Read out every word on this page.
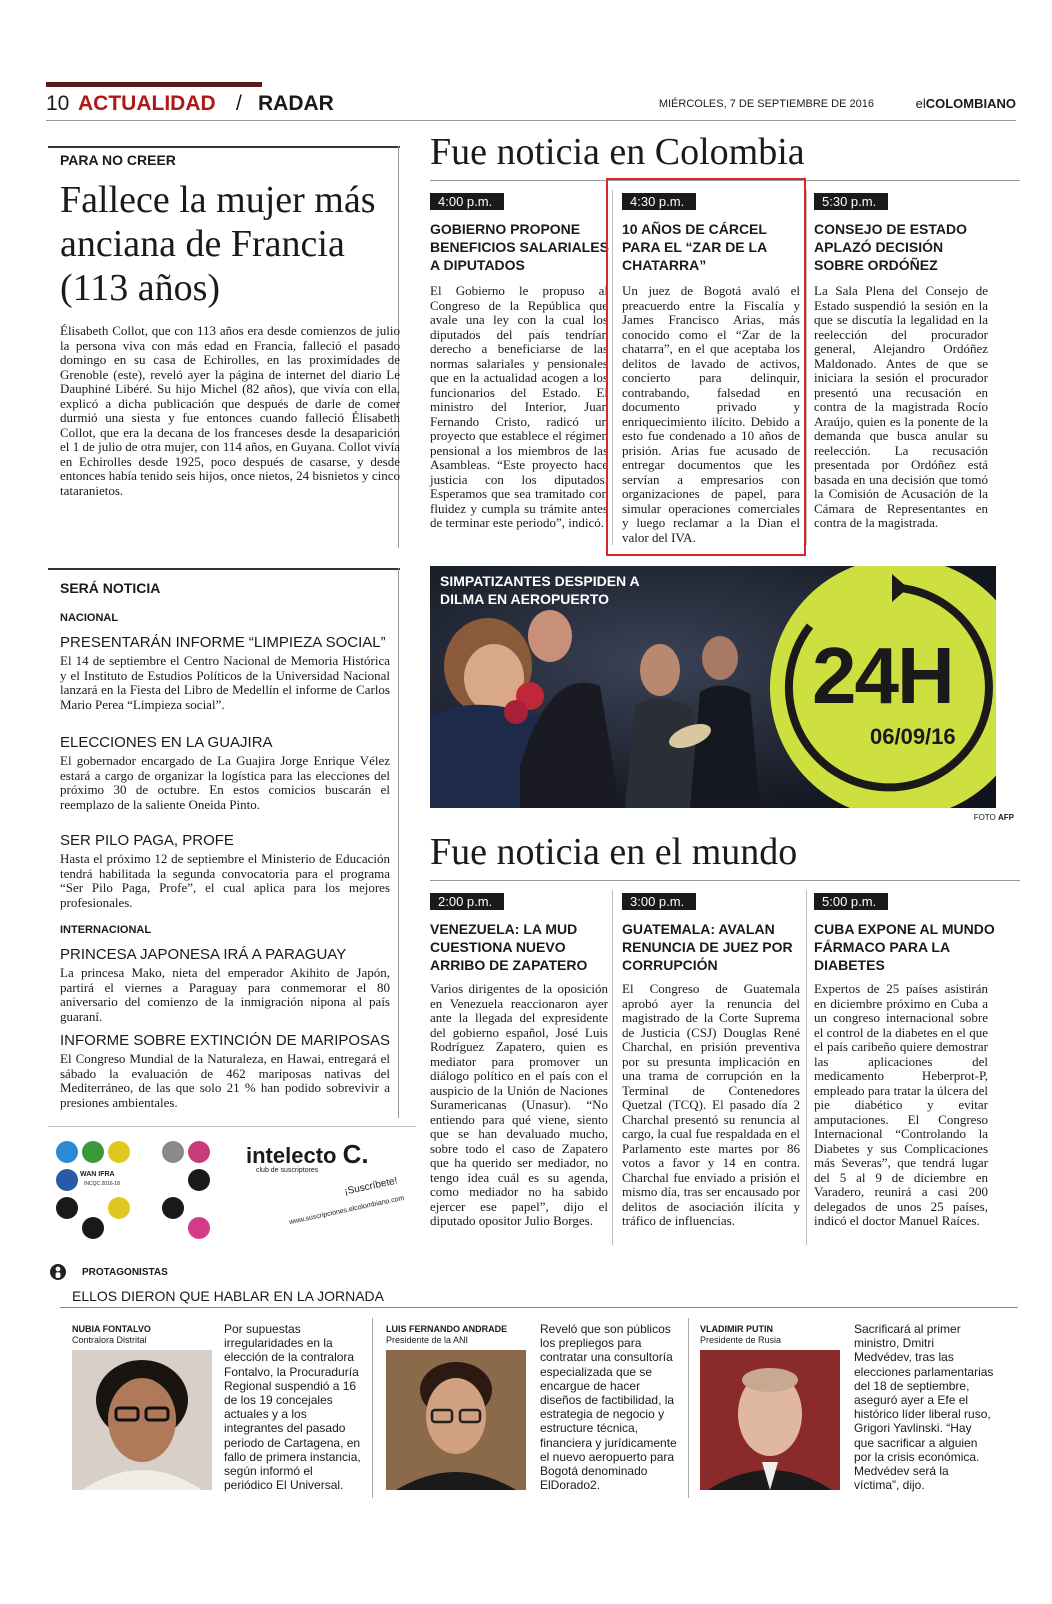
10 ACTUALIDAD / RADAR	MIÉRCOLES, 7 DE SEPTIEMBRE DE 2016	elCOLOMBIANO
PARA NO CREER
Fallece la mujer más anciana de Francia (113 años)
Élisabeth Collot, que con 113 años era desde comienzos de julio la persona viva con más edad en Francia, falleció el pasado domingo en su casa de Echirolles, en las proximidades de Grenoble (este), reveló ayer la página de internet del diario Le Dauphiné Libéré. Su hijo Michel (82 años), que vivía con ella, explicó a dicha publicación que después de darle de comer durmió una siesta y fue entonces cuando falleció Élisabeth Collot, que era la decana de los franceses desde la desaparición el 1 de julio de otra mujer, con 114 años, en Guyana. Collot vivía en Echirolles desde 1925, poco después de casarse, y desde entonces había tenido seis hijos, once nietos, 24 bisnietos y cinco tataranietos.
SERÁ NOTICIA
NACIONAL
PRESENTARÁN INFORME “LIMPIEZA SOCIAL”
El 14 de septiembre el Centro Nacional de Memoria Histórica y el Instituto de Estudios Políticos de la Universidad Nacional lanzará en la Fiesta del Libro de Medellín el informe de Carlos Mario Perea “Limpieza social”.
ELECCIONES EN LA GUAJIRA
El gobernador encargado de La Guajira Jorge Enrique Vélez estará a cargo de organizar la logística para las elecciones del próximo 30 de octubre. En estos comicios buscarán el reemplazo de la saliente Oneida Pinto.
SER PILO PAGA, PROFE
Hasta el próximo 12 de septiembre el Ministerio de Educación tendrá habilitada la segunda convocatoria para el programa “Ser Pilo Paga, Profe”, el cual aplica para los mejores profesionales.
INTERNACIONAL
PRINCESA JAPONESA IRÁ A PARAGUAY
La princesa Mako, nieta del emperador Akihito de Japón, partirá el viernes a Paraguay para conmemorar el 80 aniversario del comienzo de la inmigración nipona al país guaraní.
INFORME SOBRE EXTINCIÓN DE MARIPOSAS
El Congreso Mundial de la Naturaleza, en Hawai, entregará el sábado la evaluación de 462 mariposas nativas del Mediterráneo, de las que solo 21 % han podido sobrevivir a presiones ambientales.
WAN IFRA
INCQC 2016-18
intelecto C.
club de suscriptores
¡Suscríbete!
www.suscripciones.elcolombiano.com
Fue noticia en Colombia
4:00 p.m.
GOBIERNO PROPONE BENEFICIOS SALARIALES A DIPUTADOS
El Gobierno le propuso al Congreso de la República que avale una ley con la cual los diputados del país tendrían derecho a beneficiarse de las normas salariales y pensionales que en la actualidad acogen a los funcionarios del Estado. El ministro del Interior, Juan Fernando Cristo, radicó un proyecto que establece el régimen pensional a los miembros de las Asambleas. “Este proyecto hace justicia con los diputados. Esperamos que sea tramitado con fluidez y cumpla su trámite antes de terminar este periodo”, indicó.
4:30 p.m.
10 AÑOS DE CÁRCEL PARA EL “ZAR DE LA CHATARRA”
Un juez de Bogotá avaló el preacuerdo entre la Fiscalía y James Francisco Arias, más conocido como el “Zar de la chatarra”, en el que aceptaba los delitos de lavado de activos, concierto para delinquir, contrabando, falsedad en documento privado y enriquecimiento ilícito. Debido a esto fue condenado a 10 años de prisión. Arias fue acusado de entregar documentos que les servían a empresarios con organizaciones de papel, para simular operaciones comerciales y luego reclamar a la Dian el valor del IVA.
5:30 p.m.
CONSEJO DE ESTADO APLAZÓ DECISIÓN SOBRE ORDÓÑEZ
La Sala Plena del Consejo de Estado suspendió la sesión en la que se discutía la legalidad en la reelección del procurador general, Alejandro Ordóñez Maldonado. Antes de que se iniciara la sesión el procurador presentó una recusación en contra de la magistrada Rocío Araújo, quien es la ponente de la demanda que busca anular su reelección. La recusación presentada por Ordóñez está basada en una decisión que tomó la Comisión de Acusación de la Cámara de Representantes en contra de la magistrada.
SIMPATIZANTES DESPIDEN A DILMA EN AEROPUERTO
24H
06/09/16
FOTO AFP
Fue noticia en el mundo
2:00 p.m.
VENEZUELA: LA MUD CUESTIONA NUEVO ARRIBO DE ZAPATERO
Varios dirigentes de la oposición en Venezuela reaccionaron ayer ante la llegada del expresidente del gobierno español, José Luis Rodríguez Zapatero, quien es mediator para promover un diálogo político en el país con el auspicio de la Unión de Naciones Suramericanas (Unasur). “No entiendo para qué viene, siento que se han devaluado mucho, sobre todo el caso de Zapatero que ha querido ser mediador, no tengo idea cuál es su agenda, como mediador no ha sabido ejercer ese papel”, dijo el diputado opositor Julio Borges.
3:00 p.m.
GUATEMALA: AVALAN RENUNCIA DE JUEZ POR CORRUPCIÓN
El Congreso de Guatemala aprobó ayer la renuncia del magistrado de la Corte Suprema de Justicia (CSJ) Douglas René Charchal, en prisión preventiva por su presunta implicación en una trama de corrupción en la Terminal de Contenedores Quetzal (TCQ). El pasado día 2 Charchal presentó su renuncia al cargo, la cual fue respaldada en el Parlamento este martes por 86 votos a favor y 14 en contra. Charchal fue enviado a prisión el mismo día, tras ser encausado por delitos de asociación ilícita y tráfico de influencias.
5:00 p.m.
CUBA EXPONE AL MUNDO FÁRMACO PARA LA DIABETES
Expertos de 25 países asistirán en diciembre próximo en Cuba a un congreso internacional sobre el control de la diabetes en el que el país caribeño quiere demostrar las aplicaciones del medicamento Heberprot-P, empleado para tratar la úlcera del pie diabético y evitar amputaciones. El Congreso Internacional “Controlando la Diabetes y sus Complicaciones más Severas”, que tendrá lugar del 5 al 9 de diciembre en Varadero, reunirá a casi 200 delegados de unos 25 países, indicó el doctor Manuel Raíces.
PROTAGONISTAS
ELLOS DIERON QUE HABLAR EN LA JORNADA
NUBIA FONTALVO
Contralora Distrital
Por supuestas irregularidades en la elección de la contralora Fontalvo, la Procuraduría Regional suspendió a 16 de los 19 concejales actuales y a los integrantes del pasado periodo de Cartagena, en fallo de primera instancia, según informó el periódico El Universal.
LUIS FERNANDO ANDRADE
Presidente de la ANI
Reveló que son públicos los prepliegos para contratar una consultoría especializada que se encargue de hacer diseños de factibilidad, la estrategia de negocio y estructure técnica, financiera y jurídicamente el nuevo aeropuerto para Bogotá denominado ElDorado2.
VLADIMIR PUTIN
Presidente de Rusia
Sacrificará al primer ministro, Dmitri Medvédev, tras las elecciones parlamentarias del 18 de septiembre, aseguró ayer a Efe el histórico líder liberal ruso, Grigori Yavlinski. “Hay que sacrificar a alguien por la crisis económica. Medvédev será la víctima”, dijo.
